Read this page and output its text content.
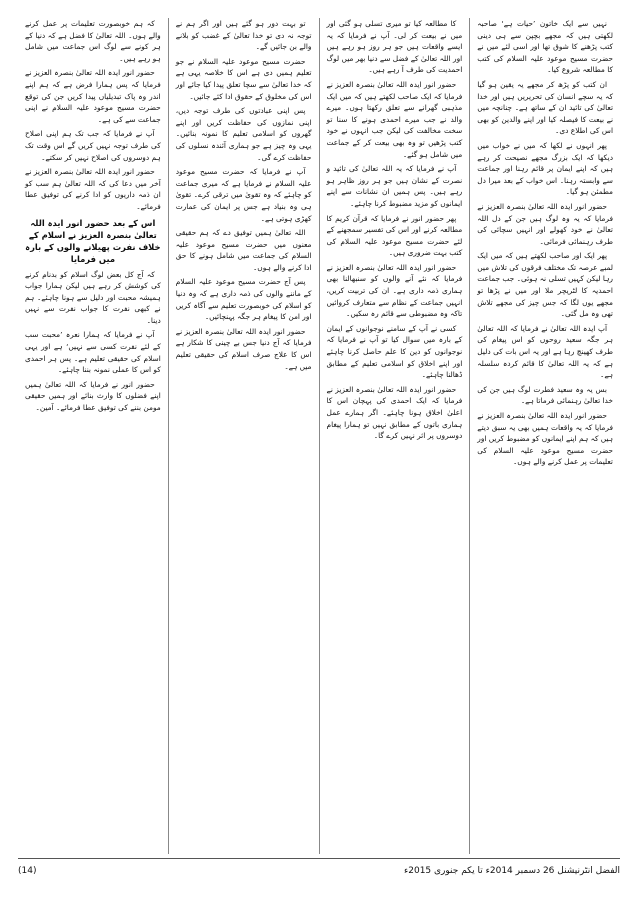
نہیں سے ایک خاتون ’حیات ہے‘ صاحبہ لکھتی ہیں کہ مجھے بچپن سے ہی دینی کتب پڑھنے کا شوق تھا اور اسی لئے میں نے حضرت مسیح موعود علیہ السلام کی کتب کا مطالعہ شروع کیا۔

ان کتب کو پڑھ کر مجھے یہ یقین ہو گیا کہ یہ سچے انسان کی تحریریں ہیں اور خدا تعالیٰ کی تائید ان کے ساتھ ہے۔ چنانچہ میں نے بیعت کا فیصلہ کیا اور اپنے والدین کو بھی اس کی اطلاع دی۔

پھر انہوں نے لکھا کہ میں نے خواب میں دیکھا کہ ایک بزرگ مجھے نصیحت کر رہے ہیں کہ اپنے ایمان پر قائم رہنا اور جماعت سے وابستہ رہنا۔ اس خواب کے بعد میرا دل مطمئن ہو گیا۔

حضور انور ایدہ اللہ تعالیٰ بنصرہ العزیز نے فرمایا کہ یہ وہ لوگ ہیں جن کے دل اللہ تعالیٰ نے خود کھولے اور انہیں سچائی کی طرف رہنمائی فرمائی۔

پھر ایک اور صاحب لکھتے ہیں کہ میں ایک لمبے عرصہ تک مختلف فرقوں کی تلاش میں رہا لیکن کہیں تسلی نہ ہوئی۔ جب جماعت احمدیہ کا لٹریچر ملا اور میں نے پڑھا تو مجھے یوں لگا کہ جس چیز کی مجھے تلاش تھی وہ مل گئی۔

آپ ایدہ اللہ تعالیٰ نے فرمایا کہ اللہ تعالیٰ ہر جگہ سعید روحوں کو اس پیغام کی طرف کھینچ رہا ہے اور یہ اس بات کی دلیل ہے کہ یہ اللہ تعالیٰ کا قائم کردہ سلسلہ ہے۔

بس یہ وہ سعید فطرت لوگ ہیں جن کی خدا تعالیٰ رہنمائی فرماتا ہے۔

حضور انور ایدہ اللہ تعالیٰ بنصرہ العزیز نے فرمایا کہ یہ واقعات ہمیں بھی یہ سبق دیتے ہیں کہ ہم اپنے ایمانوں کو مضبوط کریں اور حضرت مسیح موعود علیہ السلام کی تعلیمات پر عمل کرنے والے ہوں۔

کا مطالعہ کیا تو میری تسلی ہو گئی اور میں نے بیعت کر لی۔ آپ نے فرمایا کہ یہ ایسے واقعات ہیں جو ہر روز ہو رہے ہیں اور اللہ تعالیٰ کے فضل سے دنیا بھر میں لوگ احمدیت کی طرف آ رہے ہیں۔

حضور انور ایدہ اللہ تعالیٰ بنصرہ العزیز نے فرمایا کہ ایک صاحب لکھتے ہیں کہ میں ایک مذہبی گھرانے سے تعلق رکھتا ہوں۔ میرے والد نے جب میرے احمدی ہونے کا سنا تو سخت مخالفت کی لیکن جب انہوں نے خود کتب پڑھیں تو وہ بھی بیعت کر کے جماعت میں شامل ہو گئے۔

آپ نے فرمایا کہ یہ اللہ تعالیٰ کی تائید و نصرت کے نشان ہیں جو ہر روز ظاہر ہو رہے ہیں۔ پس ہمیں ان نشانات سے اپنے ایمانوں کو مزید مضبوط کرنا چاہئے۔

پھر حضور انور نے فرمایا کہ قرآن کریم کا مطالعہ کرنے اور اس کی تفسیر سمجھنے کے لئے حضرت مسیح موعود علیہ السلام کی کتب بہت ضروری ہیں۔

حضور انور ایدہ اللہ تعالیٰ بنصرہ العزیز نے فرمایا کہ نئے آنے والوں کو سنبھالنا بھی ہماری ذمہ داری ہے۔ ان کی تربیت کریں، انہیں جماعت کے نظام سے متعارف کروائیں تاکہ وہ مضبوطی سے قائم رہ سکیں۔

کسی نے آپ کے سامنے نوجوانوں کے ایمان کے بارہ میں سوال کیا تو آپ نے فرمایا کہ نوجوانوں کو دین کا علم حاصل کرنا چاہئے اور اپنے اخلاق کو اسلامی تعلیم کے مطابق ڈھالنا چاہئے۔

حضور انور ایدہ اللہ تعالیٰ بنصرہ العزیز نے فرمایا کہ ایک احمدی کی پہچان اس کا اعلیٰ اخلاق ہونا چاہئے۔ اگر ہمارے عمل ہماری باتوں کے مطابق نہیں تو ہمارا پیغام دوسروں پر اثر نہیں کرے گا۔

تو بہت دور ہو گئے ہیں اور اگر ہم نے توجہ نہ دی تو خدا تعالیٰ کے غضب کو بلانے والے بن جائیں گے۔

حضرت مسیح موعود علیہ السلام نے جو تعلیم ہمیں دی ہے اس کا خلاصہ یہی ہے کہ خدا تعالیٰ سے سچا تعلق پیدا کیا جائے اور اس کی مخلوق کے حقوق ادا کئے جائیں۔

پس اپنی عبادتوں کی طرف توجہ دیں، اپنی نمازوں کی حفاظت کریں اور اپنے گھروں کو اسلامی تعلیم کا نمونہ بنائیں۔ یہی وہ چیز ہے جو ہماری آئندہ نسلوں کی حفاظت کرے گی۔

آپ نے فرمایا کہ حضرت مسیح موعود علیہ السلام نے فرمایا ہے کہ میری جماعت کو چاہئے کہ وہ تقویٰ میں ترقی کرے۔ تقویٰ ہی وہ بنیاد ہے جس پر ایمان کی عمارت کھڑی ہوتی ہے۔

اللہ تعالیٰ ہمیں توفیق دے کہ ہم حقیقی معنوں میں حضرت مسیح موعود علیہ السلام کی جماعت میں شامل ہونے کا حق ادا کرنے والے ہوں۔

پس آج حضرت مسیح موعود علیہ السلام کے ماننے والوں کی ذمہ داری ہے کہ وہ دنیا کو اسلام کی خوبصورت تعلیم سے آگاہ کریں اور امن کا پیغام ہر جگہ پہنچائیں۔

حضور انور ایدہ اللہ تعالیٰ بنصرہ العزیز نے فرمایا کہ آج دنیا جس بے چینی کا شکار ہے اس کا علاج صرف اسلام کی حقیقی تعلیم میں ہے۔

کہ ہم خوبصورت تعلیمات پر عمل کرنے والے ہوں۔ اللہ تعالیٰ کا فضل ہے کہ دنیا کے ہر کونے سے لوگ اس جماعت میں شامل ہو رہے ہیں۔

حضور انور ایدہ اللہ تعالیٰ بنصرہ العزیز نے فرمایا کہ پس ہمارا فرض ہے کہ ہم اپنے اندر وہ پاک تبدیلیاں پیدا کریں جن کی توقع حضرت مسیح موعود علیہ السلام نے اپنی جماعت سے کی ہے۔

آپ نے فرمایا کہ جب تک ہم اپنی اصلاح کی طرف توجہ نہیں کریں گے اس وقت تک ہم دوسروں کی اصلاح نہیں کر سکتے۔

حضور انور ایدہ اللہ تعالیٰ بنصرہ العزیز نے آخر میں دعا کی کہ اللہ تعالیٰ ہم سب کو ان ذمہ داریوں کو ادا کرنے کی توفیق عطا فرمائے۔

اس کے بعد حضور انور ایدہ اللہ تعالیٰ بنصرہ العزیز نے اسلام کے خلاف نفرت پھیلانے والوں کے بارہ میں فرمایا

کہ آج کل بعض لوگ اسلام کو بدنام کرنے کی کوشش کر رہے ہیں لیکن ہمارا جواب ہمیشہ محبت اور دلیل سے ہونا چاہئے۔ ہم نے کبھی نفرت کا جواب نفرت سے نہیں دینا۔

آپ نے فرمایا کہ ہمارا نعرہ ’محبت سب کے لئے نفرت کسی سے نہیں‘ ہے اور یہی اسلام کی حقیقی تعلیم ہے۔ پس ہر احمدی کو اس کا عملی نمونہ بننا چاہئے۔

حضور انور نے فرمایا کہ اللہ تعالیٰ ہمیں اپنے فضلوں کا وارث بنائے اور ہمیں حقیقی مومن بننے کی توفیق عطا فرمائے۔ آمین۔

(14)	الفضل انٹرنیشنل 26 دسمبر 2014ء تا یکم جنوری 2015ء
